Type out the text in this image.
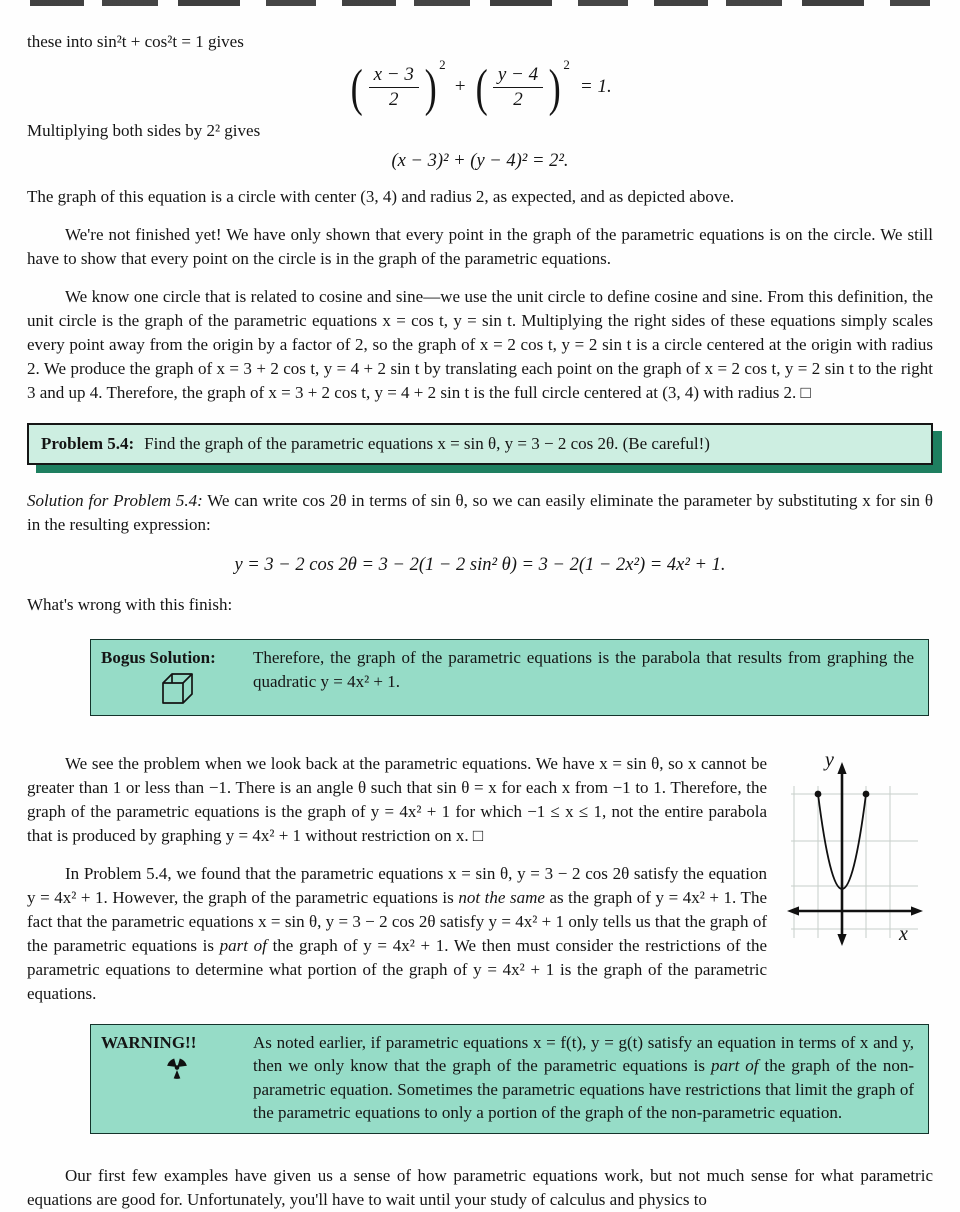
these into sin²t + cos²t = 1 gives

( $\frac{x - 3}{2}$ ) 2
+ ( $\frac{y - 4}{2}$ ) 2
= 1.

Multiplying both sides by 2² gives

(x − 3)² + (y − 4)² = 2².

The graph of this equation is a circle with center (3, 4) and radius 2, as expected, and as depicted above.

We're not finished yet! We have only shown that every point in the graph of the parametric equations is on the circle. We still have to show that every point on the circle is in the graph of the parametric equations.

We know one circle that is related to cosine and sine—we use the unit circle to define cosine and sine. From this definition, the unit circle is the graph of the parametric equations x = cos t, y = sin t. Multiplying the right sides of these equations simply scales every point away from the origin by a factor of 2, so the graph of x = 2 cos t, y = 2 sin t is a circle centered at the origin with radius 2. We produce the graph of x = 3 + 2 cos t, y = 4 + 2 sin t by translating each point on the graph of x = 2 cos t, y = 2 sin t to the right 3 and up 4. Therefore, the graph of x = 3 + 2 cos t, y = 4 + 2 sin t is the full circle centered at (3, 4) with radius 2. □

Problem 5.4: Find the graph of the parametric equations x = sin θ, y = 3 − 2 cos 2θ. (Be careful!)

Solution for Problem 5.4: We can write cos 2θ in terms of sin θ, so we can easily eliminate the parameter by substituting x for sin θ in the resulting expression:

y = 3 − 2 cos 2θ = 3 − 2(1 − 2 sin² θ) = 3 − 2(1 − 2x²) = 4x² + 1.

What's wrong with this finish:

Bogus Solution: Therefore, the graph of the parametric equations is the parabola that results from graphing the quadratic y = 4x² + 1.
y
x

We see the problem when we look back at the parametric equations. We have x = sin θ, so x cannot be greater than 1 or less than −1. There is an angle θ such that sin θ = x for each x from −1 to 1. Therefore, the graph of the parametric equations is the graph of y = 4x² + 1 for which −1 ≤ x ≤ 1, not the entire parabola that is produced by graphing y = 4x² + 1 without restriction on x. □

In Problem 5.4, we found that the parametric equations x = sin θ, y = 3 − 2 cos 2θ satisfy the equation y = 4x² + 1. However, the graph of the parametric equations is not the same as the graph of y = 4x² + 1. The fact that the parametric equations x = sin θ, y = 3 − 2 cos 2θ satisfy y = 4x² + 1 only tells us that the graph of the parametric equations is part of the graph of y = 4x² + 1. We then must consider the restrictions of the parametric equations to determine what portion of the graph of y = 4x² + 1 is the graph of the parametric equations.

WARNING!!	As noted earlier, if parametric equations x = f(t), y = g(t) satisfy an equation in terms of x and y, then we only know that the graph of the parametric equations is part of the graph of the non-parametric equation. Sometimes the parametric equations have restrictions that limit the graph of the parametric equations to only a portion of the graph of the non-parametric equation.

Our first few examples have given us a sense of how parametric equations work, but not much sense for what parametric equations are good for. Unfortunately, you'll have to wait until your study of calculus and physics to
